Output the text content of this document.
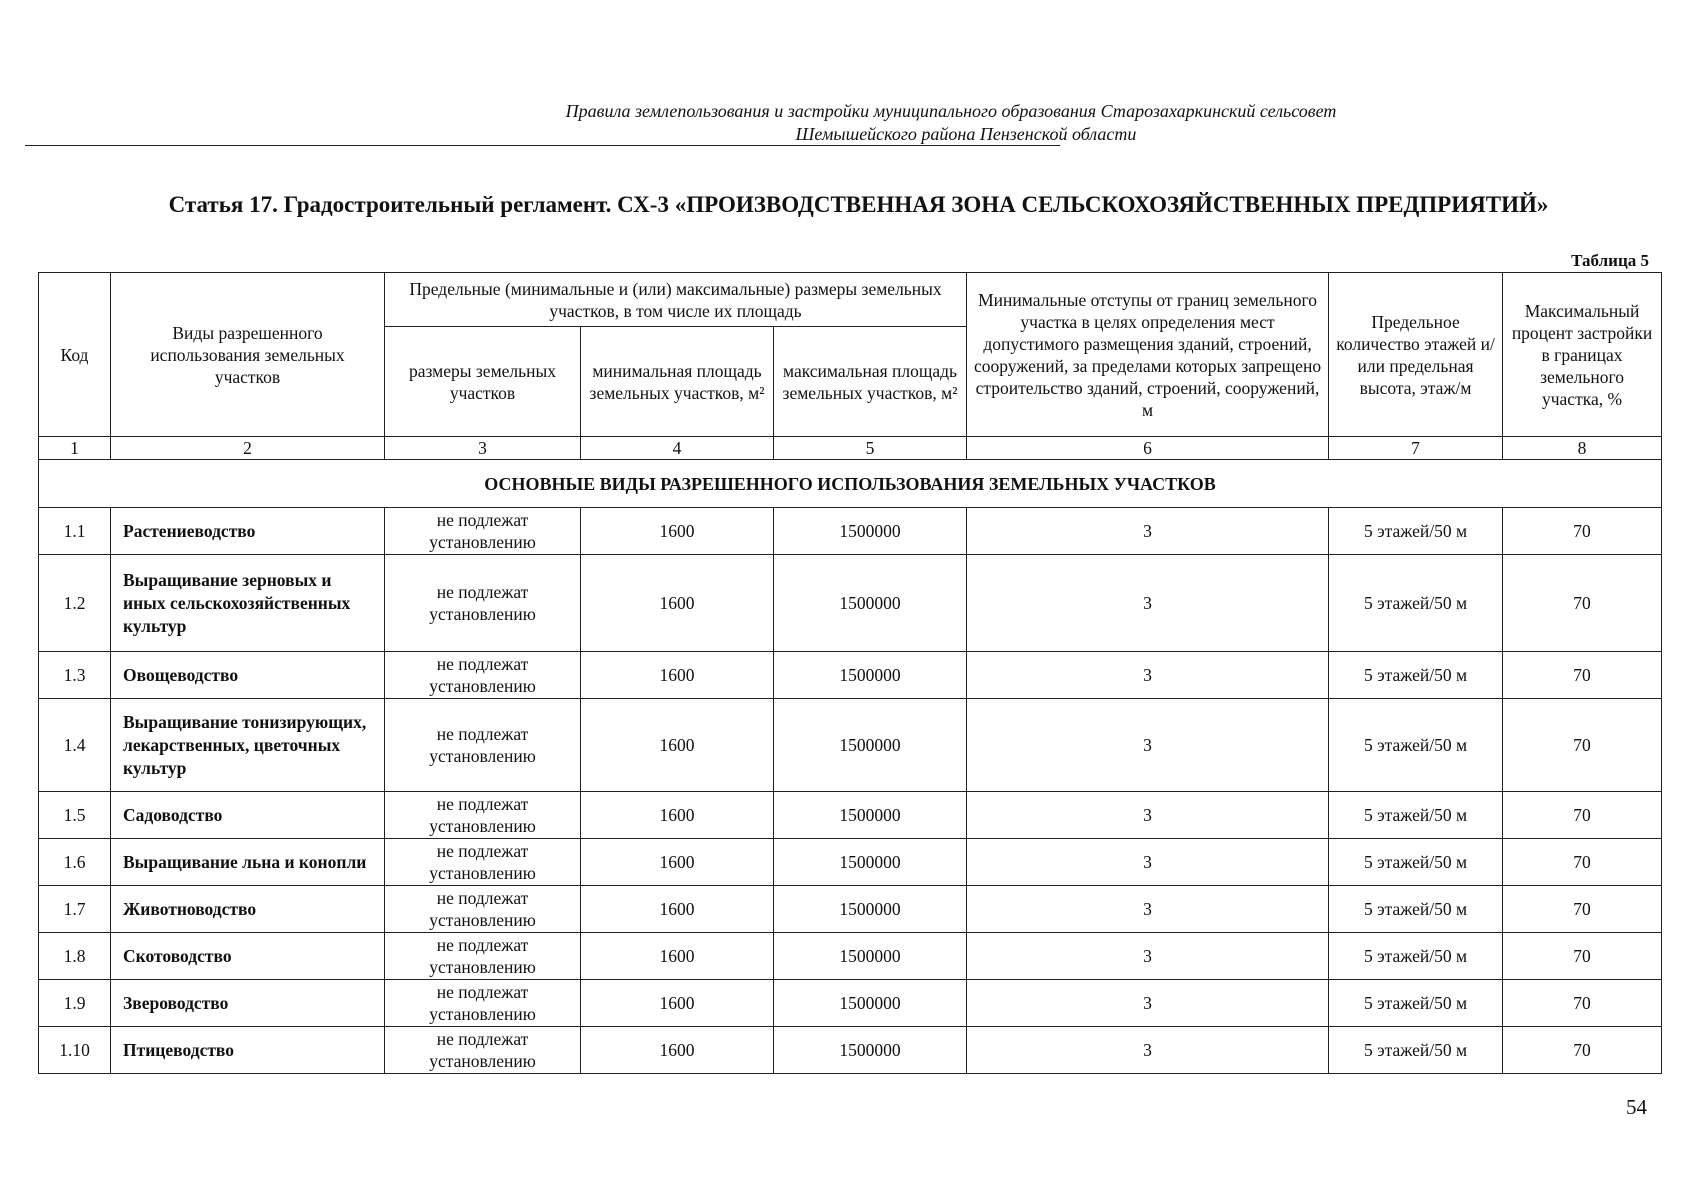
Правила землепользования и застройки муниципального образования Старозахаркинский сельсовет
Шемышейского района Пензенской области
Статья 17. Градостроительный регламент. СХ-3 «ПРОИЗВОДСТВЕННАЯ ЗОНА СЕЛЬСКОХОЗЯЙСТВЕННЫХ ПРЕДПРИЯТИЙ»
Таблица 5
Код	Виды разрешенного использования земельных участков	Предельные (минимальные и (или) максимальные) размеры земельных участков, в том числе их площадь			Минимальные отступы от границ земельного участка в целях определения мест допустимого размещения зданий, строений, сооружений, за пределами которых запрещено строительство зданий, строений, сооружений, м	Предельное количество этажей и/или предельная высота, этаж/м	Максимальный процент застройки в границах земельного участка, %
		размеры земельных участков	минимальная площадь земельных участков, м²	максимальная площадь земельных участков, м²			
1	2	3	4	5	6	7	8
ОСНОВНЫЕ ВИДЫ РАЗРЕШЕННОГО ИСПОЛЬЗОВАНИЯ ЗЕМЕЛЬНЫХ УЧАСТКОВ							
1.1	Растениеводство	не подлежат установлению	1600	1500000	3	5 этажей/50 м	70
1.2	Выращивание зерновых и иных сельскохозяйственных культур	не подлежат установлению	1600	1500000	3	5 этажей/50 м	70
1.3	Овощеводство	не подлежат установлению	1600	1500000	3	5 этажей/50 м	70
1.4	Выращивание тонизирующих, лекарственных, цветочных культур	не подлежат установлению	1600	1500000	3	5 этажей/50 м	70
1.5	Садоводство	не подлежат установлению	1600	1500000	3	5 этажей/50 м	70
1.6	Выращивание льна и конопли	не подлежат установлению	1600	1500000	3	5 этажей/50 м	70
1.7	Животноводство	не подлежат установлению	1600	1500000	3	5 этажей/50 м	70
1.8	Скотоводство	не подлежат установлению	1600	1500000	3	5 этажей/50 м	70
1.9	Звероводство	не подлежат установлению	1600	1500000	3	5 этажей/50 м	70
1.10	Птицеводство	не подлежат установлению	1600	1500000	3	5 этажей/50 м	70
54
